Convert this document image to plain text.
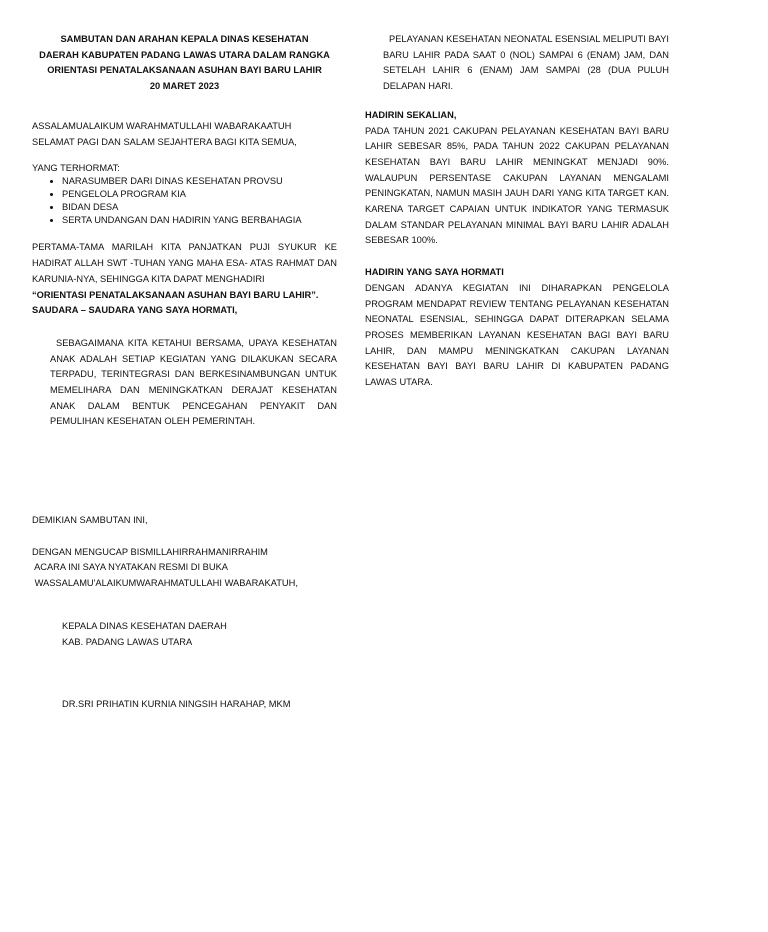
SAMBUTAN DAN ARAHAN KEPALA DINAS KESEHATAN
DAERAH KABUPATEN PADANG LAWAS UTARA DALAM RANGKA
ORIENTASI PENATALAKSANAAN ASUHAN BAYI BARU LAHIR
20 MARET 2023
ASSALAMUALAIKUM WARAHMATULLAHI WABARAKAATUH
SELAMAT PAGI DAN SALAM SEJAHTERA BAGI KITA SEMUA,
YANG TERHORMAT:
• NARASUMBER DARI DINAS KESEHATAN PROVSU
• PENGELOLA PROGRAM KIA
• BIDAN DESA
• SERTA UNDANGAN DAN HADIRIN YANG BERBAHAGIA
PERTAMA-TAMA MARILAH KITA PANJATKAN PUJI SYUKUR KE HADIRAT ALLAH SWT -TUHAN YANG MAHA ESA- ATAS RAHMAT DAN KARUNIA-NYA, SEHINGGA KITA DAPAT MENGHADIRI
“ORIENTASI PENATALAKSANAAN ASUHAN BAYI BARU LAHIR”.
SAUDARA – SAUDARA YANG SAYA HORMATI,
SEBAGAIMANA KITA KETAHUI BERSAMA, UPAYA KESEHATAN ANAK ADALAH SETIAP KEGIATAN YANG DILAKUKAN SECARA TERPADU, TERINTEGRASI DAN BERKESINAMBUNGAN UNTUK MEMELIHARA DAN MENINGKATKAN DERAJAT KESEHATAN ANAK DALAM BENTUK PENCEGAHAN PENYAKIT DAN PEMULIHAN KESEHATAN OLEH PEMERINTAH.
PELAYANAN KESEHATAN NEONATAL ESENSIAL MELIPUTI BAYI BARU LAHIR PADA SAAT 0 (NOL) SAMPAI 6 (ENAM) JAM, DAN SETELAH LAHIR 6 (ENAM) JAM SAMPAI (28 (DUA PULUH DELAPAN HARI.
HADIRIN SEKALIAN,
PADA TAHUN 2021 CAKUPAN PELAYANAN KESEHATAN BAYI BARU LAHIR SEBESAR 85%, PADA TAHUN 2022 CAKUPAN PELAYANAN KESEHATAN BAYI BARU LAHIR MENINGKAT MENJADI 90%. WALAUPUN PERSENTASE CAKUPAN LAYANAN MENGALAMI PENINGKATAN, NAMUN MASIH JAUH DARI YANG KITA TARGET KAN. KARENA TARGET CAPAIAN UNTUK INDIKATOR YANG TERMASUK DALAM STANDAR PELAYANAN MINIMAL BAYI BARU LAHIR ADALAH SEBESAR 100%.
HADIRIN YANG SAYA HORMATI
DENGAN ADANYA KEGIATAN INI DIHARAPKAN PENGELOLA PROGRAM MENDAPAT REVIEW TENTANG PELAYANAN KESEHATAN NEONATAL ESENSIAL, SEHINGGA DAPAT DITERAPKAN SELAMA PROSES MEMBERIKAN LAYANAN KESEHATAN BAGI BAYI BARU LAHIR, DAN MAMPU MENINGKATKAN CAKUPAN LAYANAN KESEHATAN BAYI BAYI BARU LAHIR DI KABUPATEN PADANG LAWAS UTARA.
DEMIKIAN SAMBUTAN INI,
DENGAN MENGUCAP BISMILLAHIRRAHMANIRRAHIM
ACARA INI SAYA NYATAKAN RESMI DI BUKA
WASSALAMU'ALAIKUMWARAHMATULLAHI WABARAKATUH,
KEPALA DINAS KESEHATAN DAERAH
KAB. PADANG LAWAS UTARA
DR.SRI PRIHATIN KURNIA NINGSIH HARAHAP, MKM
